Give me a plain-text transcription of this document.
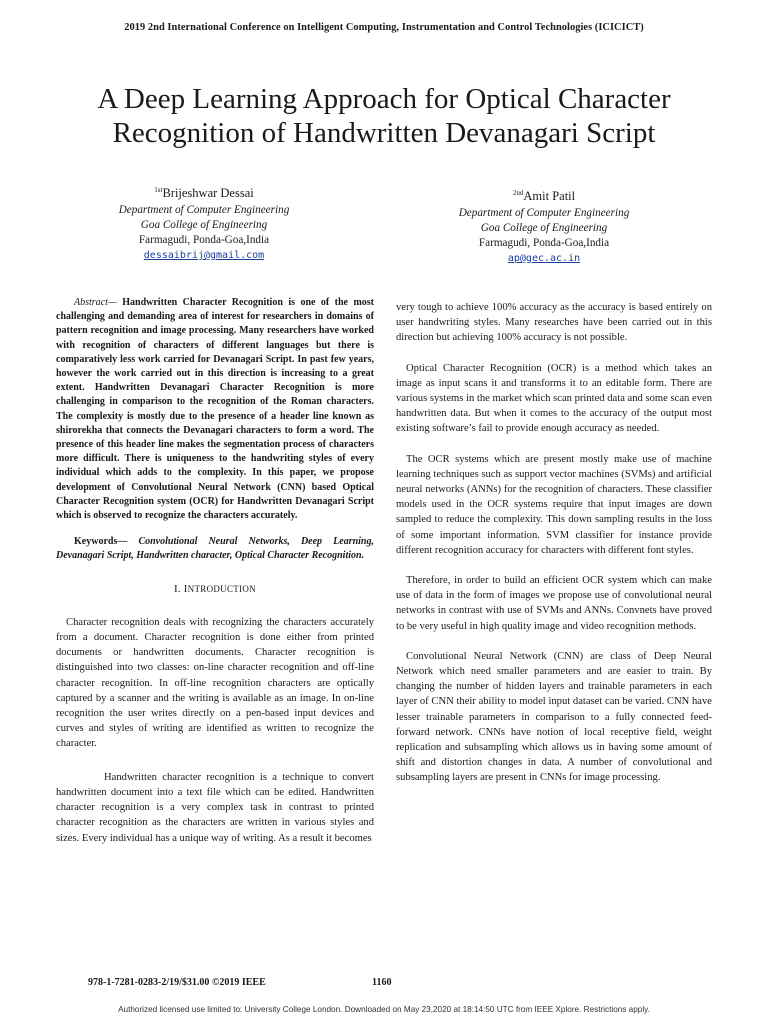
2019 2nd International Conference on Intelligent Computing, Instrumentation and Control Technologies (ICICICT)
A Deep Learning Approach for Optical Character Recognition of Handwritten Devanagari Script
$^{1st}$Brijeshwar Dessai
Department of Computer Engineering
Goa College of Engineering
Farmagudi, Ponda-Goa,India
dessaibrij@gmail.com
$^{2nd}$Amit Patil
Department of Computer Engineering
Goa College of Engineering
Farmagudi, Ponda-Goa,India
ap@gec.ac.in

Abstract— Handwritten Character Recognition is one of the most challenging and demanding area of interest for researchers in domains of pattern recognition and image processing. Many researchers have worked with recognition of characters of different languages but there is comparatively less work carried for Devanagari Script. In past few years, however the work carried out in this direction is increasing to a great extent. Handwritten Devanagari Character Recognition is more challenging in comparison to the recognition of the Roman characters. The complexity is mostly due to the presence of a header line known as shirorekha that connects the Devanagari characters to form a word. The presence of this header line makes the segmentation process of characters more difficult. There is uniqueness to the handwriting styles of every individual which adds to the complexity. In this paper, we propose development of Convolutional Neural Network (CNN) based Optical Character Recognition system (OCR) for Handwritten Devanagari Script which is observed to recognize the characters accurately.

Keywords— Convolutional Neural Networks, Deep Learning, Devanagari Script, Handwritten character, Optical Character Recognition.

I. INTRODUCTION

Character recognition deals with recognizing the characters accurately from a document. Character recognition is done either from printed documents or handwritten documents. Character recognition is distinguished into two classes: on-line character recognition and off-line character recognition. In off-line recognition characters are optically captured by a scanner and the writing is available as an image. In on-line recognition the user writes directly on a pen-based input devices and curves and styles of writing are identified as written to recognize the character.

Handwritten character recognition is a technique to convert handwritten document into a text file which can be edited. Handwritten character recognition is a very complex task in contrast to printed character recognition as the characters are written in various styles and sizes. Every individual has a unique way of writing. As a result it becomes

very tough to achieve 100% accuracy as the accuracy is based entirely on user handwriting styles. Many researches have been carried out in this direction but achieving 100% accuracy is not possible.

Optical Character Recognition (OCR) is a method which takes an image as input scans it and transforms it to an editable form. There are various systems in the market which scan printed data and some scan even handwritten data. But when it comes to the accuracy of the output most existing software’s fail to provide enough accuracy as needed.

The OCR systems which are present mostly make use of machine learning techniques such as support vector machines (SVMs) and artificial neural networks (ANNs) for the recognition of characters. These classifier models used in the OCR systems require that input images are down sampled to reduce the complexity. This down sampling results in the loss of some important information. SVM classifier for instance provide different recognition accuracy for characters with different font styles.

Therefore, in order to build an efficient OCR system which can make use of data in the form of images we propose use of convolutional neural networks in contrast with use of SVMs and ANNs. Convnets have proved to be very useful in high quality image and video recognition methods.

Convolutional Neural Network (CNN) are class of Deep Neural Network which need smaller parameters and are easier to train. By changing the number of hidden layers and trainable parameters in each layer of CNN their ability to model input dataset can be varied. CNN have lesser trainable parameters in comparison to a fully connected feed-forward network. CNNs have notion of local receptive field, weight replication and subsampling which allows us in having some amount of shift and distortion changes in data. A number of convolutional and subsampling layers are present in CNNs for image processing.

978-1-7281-0283-2/19/$31.00 ©2019 IEEE	1160
Authorized licensed use limited to: University College London. Downloaded on May 23,2020 at 18:14:50 UTC from IEEE Xplore. Restrictions apply.
